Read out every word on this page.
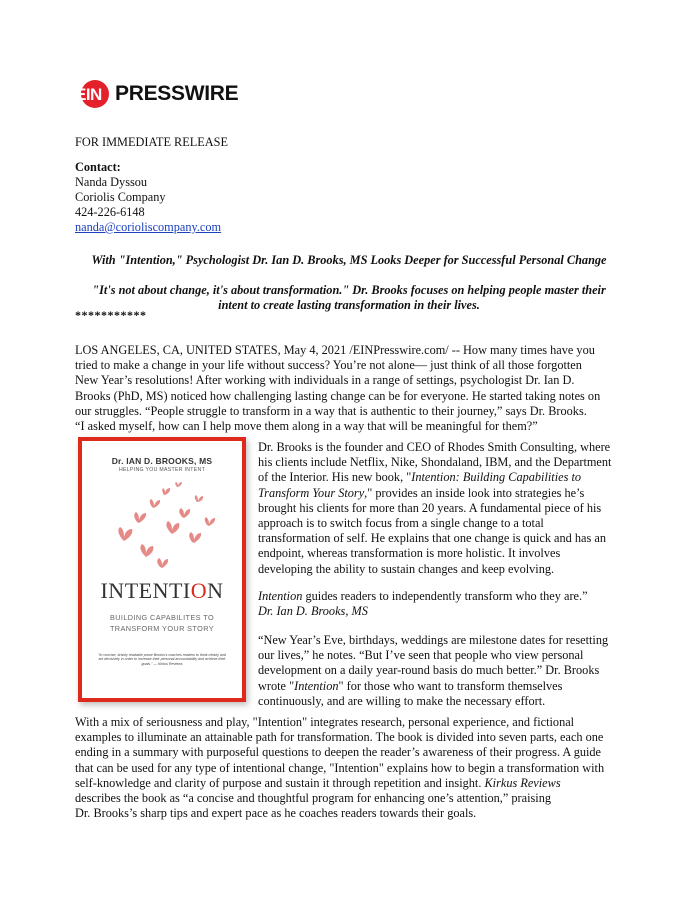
EIN PRESSWIRE
FOR IMMEDIATE RELEASE
Contact:
Nanda Dyssou
Coriolis Company
424-226-6148
nanda@corioliscompany.com
With "Intention," Psychologist Dr. Ian D. Brooks, MS Looks Deeper for Successful Personal Change
"It's not about change, it's about transformation." Dr. Brooks focuses on helping people master their
intent to create lasting transformation in their lives.
***********
LOS ANGELES, CA, UNITED STATES, May 4, 2021 /EINPresswire.com/ -- How many times have you
tried to make a change in your life without success? You’re not alone— just think of all those forgotten
New Year’s resolutions! After working with individuals in a range of settings, psychologist Dr. Ian D.
Brooks (PhD, MS) noticed how challenging lasting change can be for everyone. He started taking notes on
our struggles. “People struggle to transform in a way that is authentic to their journey,” says Dr. Brooks.
“I asked myself, how can I help move them along in a way that will be meaningful for them?”
Dr. IAN D. BROOKS, MS
HELPING YOU MASTER INTENT
INTENTION
BUILDING CAPABILITES TO
TRANSFORM YOUR STORY
"In concise, briskly readable prose Brooks's coaches readers to think clearly and act decisively in order to increase their personal accountability and achieve their goals." — Kirkus Reviews
Dr. Brooks is the founder and CEO of Rhodes Smith Consulting, where
his clients include Netflix, Nike, Shondaland, IBM, and the Department
of the Interior. His new book, "Intention: Building Capabilities to
Transform Your Story," provides an inside look into strategies he’s
brought his clients for more than 20 years. A fundamental piece of his
approach is to switch focus from a single change to a total
transformation of self. He explains that one change is quick and has an
endpoint, whereas transformation is more holistic. It involves
developing the ability to sustain changes and keep evolving.
Intention guides readers to independently transform who they are.”
Dr. Ian D. Brooks, MS
“New Year’s Eve, birthdays, weddings are milestone dates for resetting
our lives,” he notes. “But I’ve seen that people who view personal
development on a daily year-round basis do much better.” Dr. Brooks
wrote "Intention" for those who want to transform themselves
continuously, and are willing to make the necessary effort.
With a mix of seriousness and play, "Intention" integrates research, personal experience, and fictional
examples to illuminate an attainable path for transformation. The book is divided into seven parts, each one
ending in a summary with purposeful questions to deepen the reader’s awareness of their progress. A guide
that can be used for any type of intentional change, "Intention" explains how to begin a transformation with
self-knowledge and clarity of purpose and sustain it through repetition and insight. Kirkus Reviews
describes the book as “a concise and thoughtful program for enhancing one’s attention,” praising
Dr. Brooks’s sharp tips and expert pace as he coaches readers towards their goals.
